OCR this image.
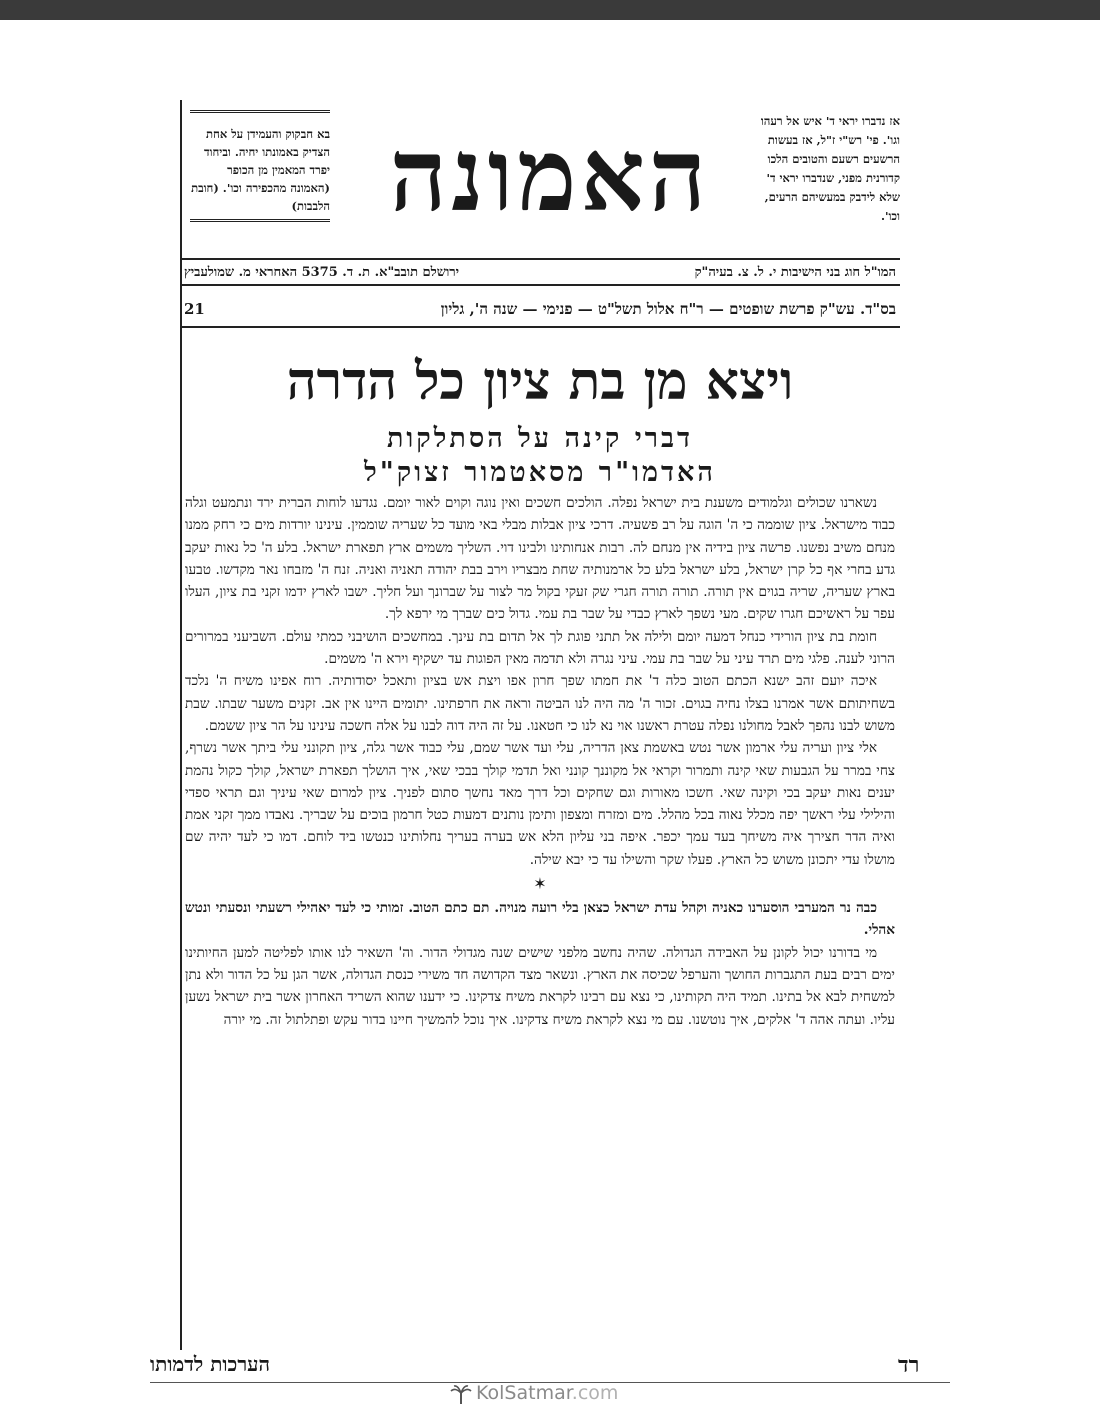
אז נדברו יראי ד' איש אל רעהו וגו'. פי' רש"י ז"ל, אז בעשות הרשעים רשעם והטובים הלכו קדורנית מפני, שנדברו יראי ד' שלא לידבק במעשיהם הרעים, וכו'.
האמונה
בא חבקוק והעמידן על אחת הצדיק באמונתו יחיה. וביחוד יפרד המאמין מן הכופר (האמונה מהכפירה וכו'. (חובת הלבבות)
המו"ל חוג בני הישיבות י. ל. צ. בעיה"ק
ירושלם תובב"א. ת. ד. 5375 האחראי מ. שמולעביץ
בס"ד. עש"ק פרשת שופטים — ר"ח אלול תשל"ט — פנימי — שנה ה', גליון
21
ויצא מן בת ציון כל הדרה
דברי קינה על הסתלקות
האדמו"ר מסאטמור זצוק"ל

נשארנו שכולים וגלמודים משענת בית ישראל נפלה. הולכים חשכים ואין נוגה וקוים לאור יומם. נגדעו לוחות הברית ירד ונתמעט וגלה כבוד מישראל. ציון שוממה כי ה' הוגה על רב פשעיה. דרכי ציון אבלות מבלי באי מועד כל שעריה שוממין. עינינו יורדות מים כי רחק ממנו מנחם משיב נפשנו. פרשה ציון בידיה אין מנחם לה. רבות אנחותינו ולבינו דוי. השליך משמים ארץ תפארת ישראל. בלע ה' כל נאות יעקב גדע בחרי אף כל קרן ישראל, בלע ישראל בלע כל ארמנותיה שחת מבצריו וירב בבת יהודה תאניה ואניה. זנח ה' מזבחו נאר מקדשו. טבעו בארץ שעריה, שריה בגוים אין תורה. תורה תורה חגרי שק זעקי בקול מר לצור על שברונך ועל חליך. ישבו לארץ ידמו זקני בת ציון, העלו עפר על ראשיכם חגרו שקים. מעי נשפך לארץ כבדי על שבר בת עמי. גדול כים שברך מי ירפא לך.

חומת בת ציון הורידי כנחל דמעה יומם ולילה אל תתני פוגת לך אל תדום בת עינך. במחשכים הושיבני כמתי עולם. השביעני במרורים הרוני לענה. פלגי מים תרד עיני על שבר בת עמי. עיני נגרה ולא תדמה מאין הפוגות עד ישקיף וירא ה' משמים.

איכה יועם זהב ישנא הכתם הטוב כלה ד' את חמתו שפך חרון אפו ויצת אש בציון ותאכל יסודותיה. רוח אפינו משיח ה' נלכד בשחיתותם אשר אמרנו בצלו נחיה בגוים. זכור ה' מה היה לנו הביטה וראה את חרפתינו. יתומים היינו אין אב. זקנים משער שבתו. שבת משוש לבנו נהפך לאבל מחולנו נפלה עטרת ראשנו אוי נא לנו כי חטאנו. על זה היה דוה לבנו על אלה חשכה עינינו על הר ציון ששמם.

אלי ציון ועריה עלי ארמון אשר נטש באשמת צאן הדריה, עלי ועד אשר שמם, עלי כבוד אשר גלה, ציון תקונני עלי ביתך אשר נשרף, צחי במרר על הגבעות שאי קינה ותמרור וקראי אל מקוננך קונני ואל תדמי קולך בבכי שאי, איך הושלך תפארת ישראל, קולך כקול נהמת יענים נאות יעקב בכי וקינה שאי. חשכו מאורות וגם שחקים וכל דרך מאד נחשך סתום לפניך. ציון למרום שאי עיניך וגם תראי ספדי והילילי עלי ראשך יפה מכלל נאוה בכל מהלל. מים ומזרח ומצפון ותימן נותנים דמעות כטל חרמון בוכים על שבריך. נאבדו ממך זקני אמת ואיה הדר חצירך איה משיחך בעד עמך יכפר. איפה בני עליון הלא אש בערה בעריך נחלותינו כנטשו ביד לוחם. דמו כי לעד יהיה שם מושלו עדי יתכונן משוש כל הארץ. פעלו שקר והשילו עד כי יבא שילה.

✶

כבה נר המערבי הוסערנו כאניה וקהל עדת ישראל כצאן בלי רועה מנויה. תם כתם הטוב. זמותי כי לעד יאהילי רשעתי ונסעתי ונטש אהלי.

מי בדורנו יכול לקונן על האבידה הגדולה. שהיה נחשב מלפני שישים שנה מגדולי הדור. וה' השאיר לנו אותו לפליטה למען החיותינו ימים רבים בעת התגברות החושך והערפל שכיסה את הארץ. ונשאר מצד הקדושה חד משירי כנסת הגדולה, אשר הגן על כל הדור ולא נתן למשחית לבא אל בתינו. תמיד היה תקותינו, כי נצא עם רבינו לקראת משיח צדקינו. כי ידענו שהוא השריד האחרון אשר בית ישראל נשען עליו. ועתה אהה ד' אלקים, איך נוטשנו. עם מי נצא לקראת משיח צדקינו. איך נוכל להמשיך חיינו בדור עקש ופתלתול זה. מי יורה

הערכות לדמותו	רד
KolSatmar.com
